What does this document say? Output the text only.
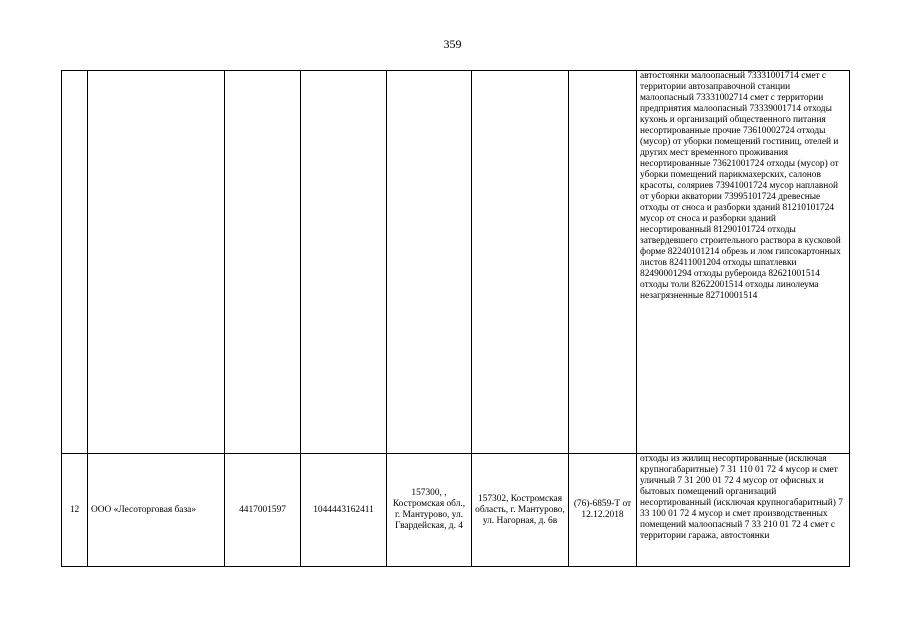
359
							автостоянки малоопасный 73331001714 смет с территории автозаправочной станции малоопасный 73331002714 смет с территории предприятия малоопасный 73339001714 отходы кухонь и организаций общественного питания несортированные прочие 73610002724 отходы (мусор) от уборки помещений гостиниц, отелей и других мест временного проживания несортированные 73621001724 отходы (мусор) от уборки помещений парикмахерских, салонов красоты, соляриев 73941001724 мусор наплавной от уборки акватории 73995101724 древесные отходы от сноса и разборки зданий 81210101724 мусор от сноса и разборки зданий несортированный 81290101724 отходы затвердевшего строительного раствора в кусковой форме 82240101214 обрезь и лом гипсокартонных листов 82411001204 отходы шпатлевки 82490001294 отходы рубероида 82621001514 отходы толи 82622001514 отходы линолеума незагрязненные 82710001514
12	ООО «Лесоторговая база»	4417001597	1044443162411	157300, , Костромская обл., г. Мантурово, ул. Гвардейская, д. 4	157302, Костромская область, г. Мантурово, ул. Нагорная, д. 6в	(76)-6859-Т от 12.12.2018	отходы из жилищ несортированные (исключая крупногабаритные) 7 31 110 01 72 4 мусор и смет уличный 7 31 200 01 72 4 мусор от офисных и бытовых помещений организаций несортированный (исключая крупногабаритный) 7 33 100 01 72 4 мусор и смет производственных помещений малоопасный 7 33 210 01 72 4 смет с территории гаража, автостоянки
